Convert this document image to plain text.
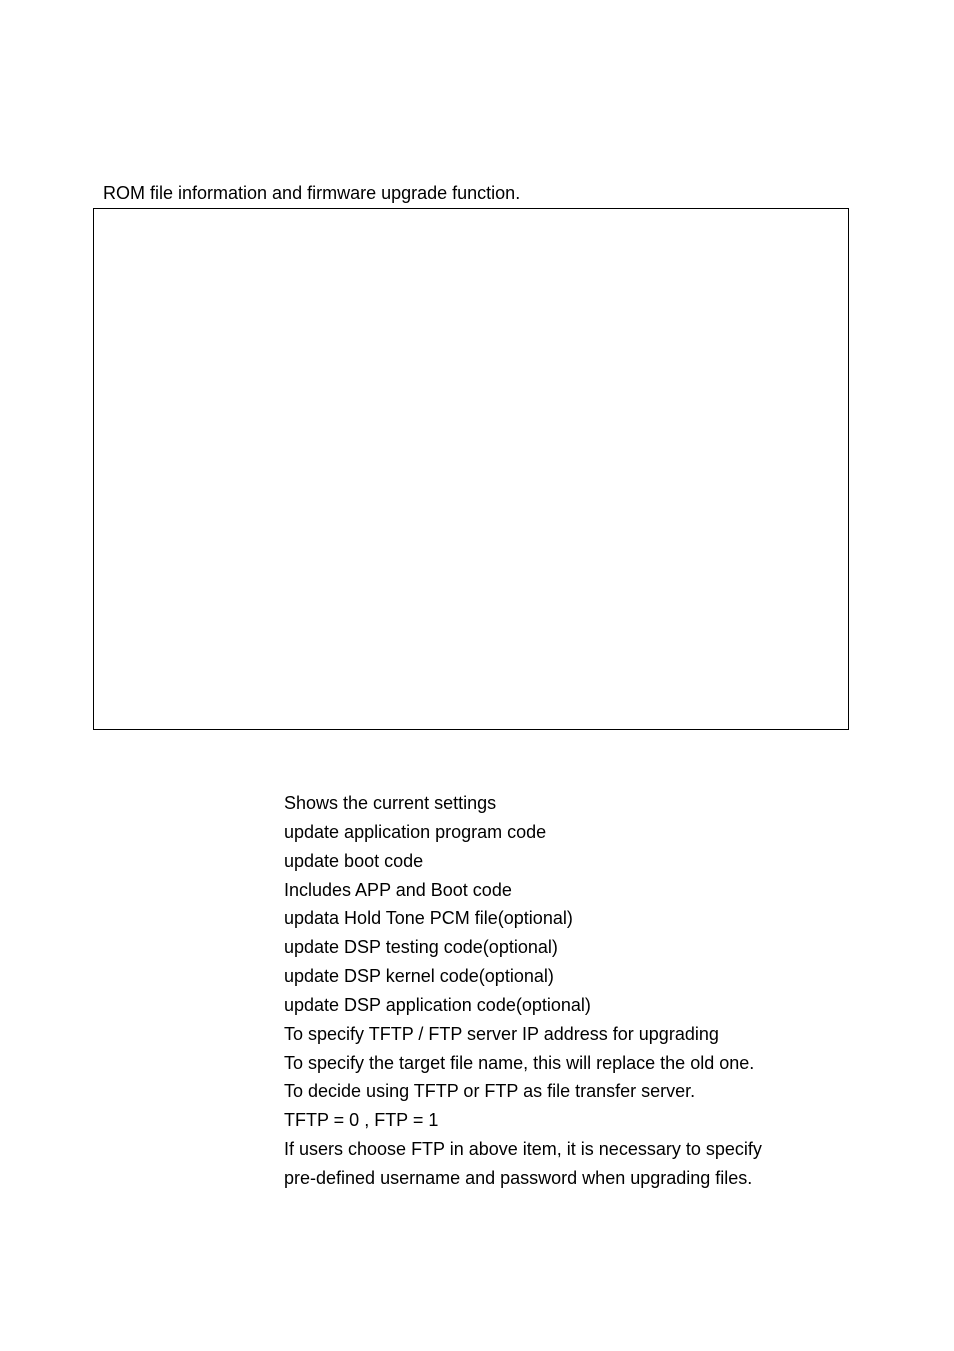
ROM file information and firmware upgrade function.
Shows the current settings
update application program code
update boot code
Includes APP and Boot code
updata Hold Tone PCM file(optional)
update DSP testing code(optional)
update DSP kernel code(optional)
update DSP application code(optional)
To specify TFTP / FTP server IP address for upgrading
To specify the target file name, this will replace the old one.
To decide using TFTP or FTP as file transfer server.
TFTP = 0 , FTP = 1
If users choose FTP in above item, it is necessary to specify
pre-defined username and password when upgrading files.
